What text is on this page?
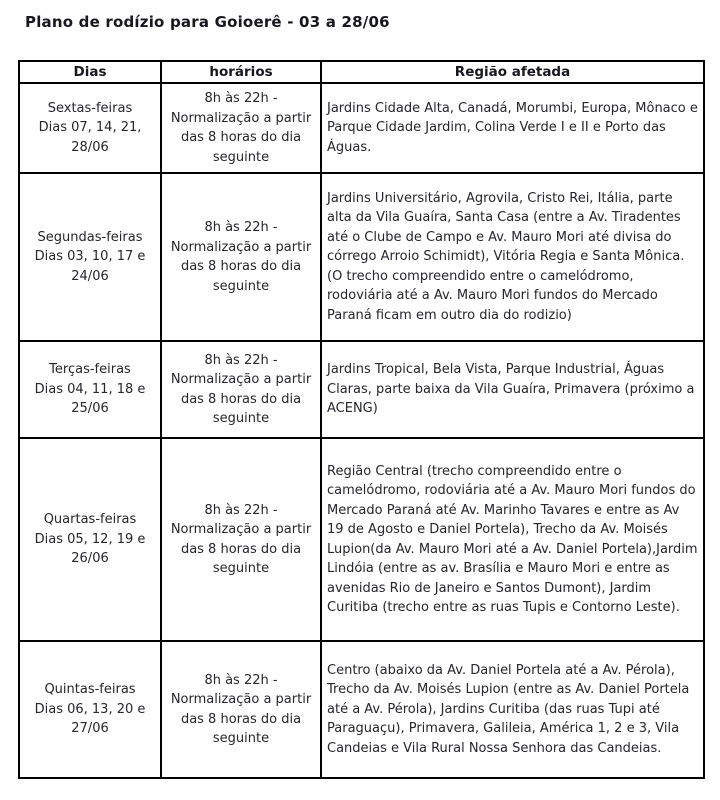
Plano de rodízio para Goioerê - 03 a 28/06
Dias	horários	Região afetada

Sextas-feiras
Dias 07, 14, 21, 28/06	8h às 22h - Normalização a partir das 8 horas do dia seguinte	Jardins Cidade Alta, Canadá, Morumbi, Europa, Mônaco e Parque Cidade Jardim, Colina Verde I e II e Porto das Águas.

Segundas-feiras
Dias 03, 10, 17 e 24/06	8h às 22h - Normalização a partir das 8 horas do dia seguinte	Jardins Universitário, Agrovila, Cristo Rei, Itália, parte alta da Vila Guaíra, Santa Casa (entre a Av. Tiradentes até o Clube de Campo e Av. Mauro Mori até divisa do córrego Arroio Schimidt), Vitória Regia e Santa Mônica. (O trecho compreendido entre o camelódromo, rodoviária até a Av. Mauro Mori fundos do Mercado Paraná ficam em outro dia do rodizio)

Terças-feiras
Dias 04, 11, 18 e 25/06	8h às 22h - Normalização a partir das 8 horas do dia seguinte	Jardins Tropical, Bela Vista, Parque Industrial, Águas Claras, parte baixa da Vila Guaíra, Primavera (próximo a ACENG)

Quartas-feiras
Dias 05, 12, 19 e 26/06	8h às 22h - Normalização a partir das 8 horas do dia seguinte	Região Central (trecho compreendido entre o camelódromo, rodoviária até a Av. Mauro Mori fundos do Mercado Paraná até Av. Marinho Tavares e entre as Av 19 de Agosto e Daniel Portela), Trecho da Av. Moisés Lupion(da Av. Mauro Mori até a Av. Daniel Portela),Jardim Lindóia (entre as av. Brasília e Mauro Mori e entre as avenidas Rio de Janeiro e Santos Dumont), Jardim Curitiba (trecho entre as ruas Tupis e Contorno Leste).

Quintas-feiras
Dias 06, 13, 20 e 27/06	8h às 22h - Normalização a partir das 8 horas do dia seguinte	Centro (abaixo da Av. Daniel Portela até a Av. Pérola), Trecho da Av. Moisés Lupion (entre as Av. Daniel Portela até a Av. Pérola), Jardins Curitiba (das ruas Tupi até Paraguaçu), Primavera, Galileia, América 1, 2 e 3, Vila Candeias e Vila Rural Nossa Senhora das Candeias.
